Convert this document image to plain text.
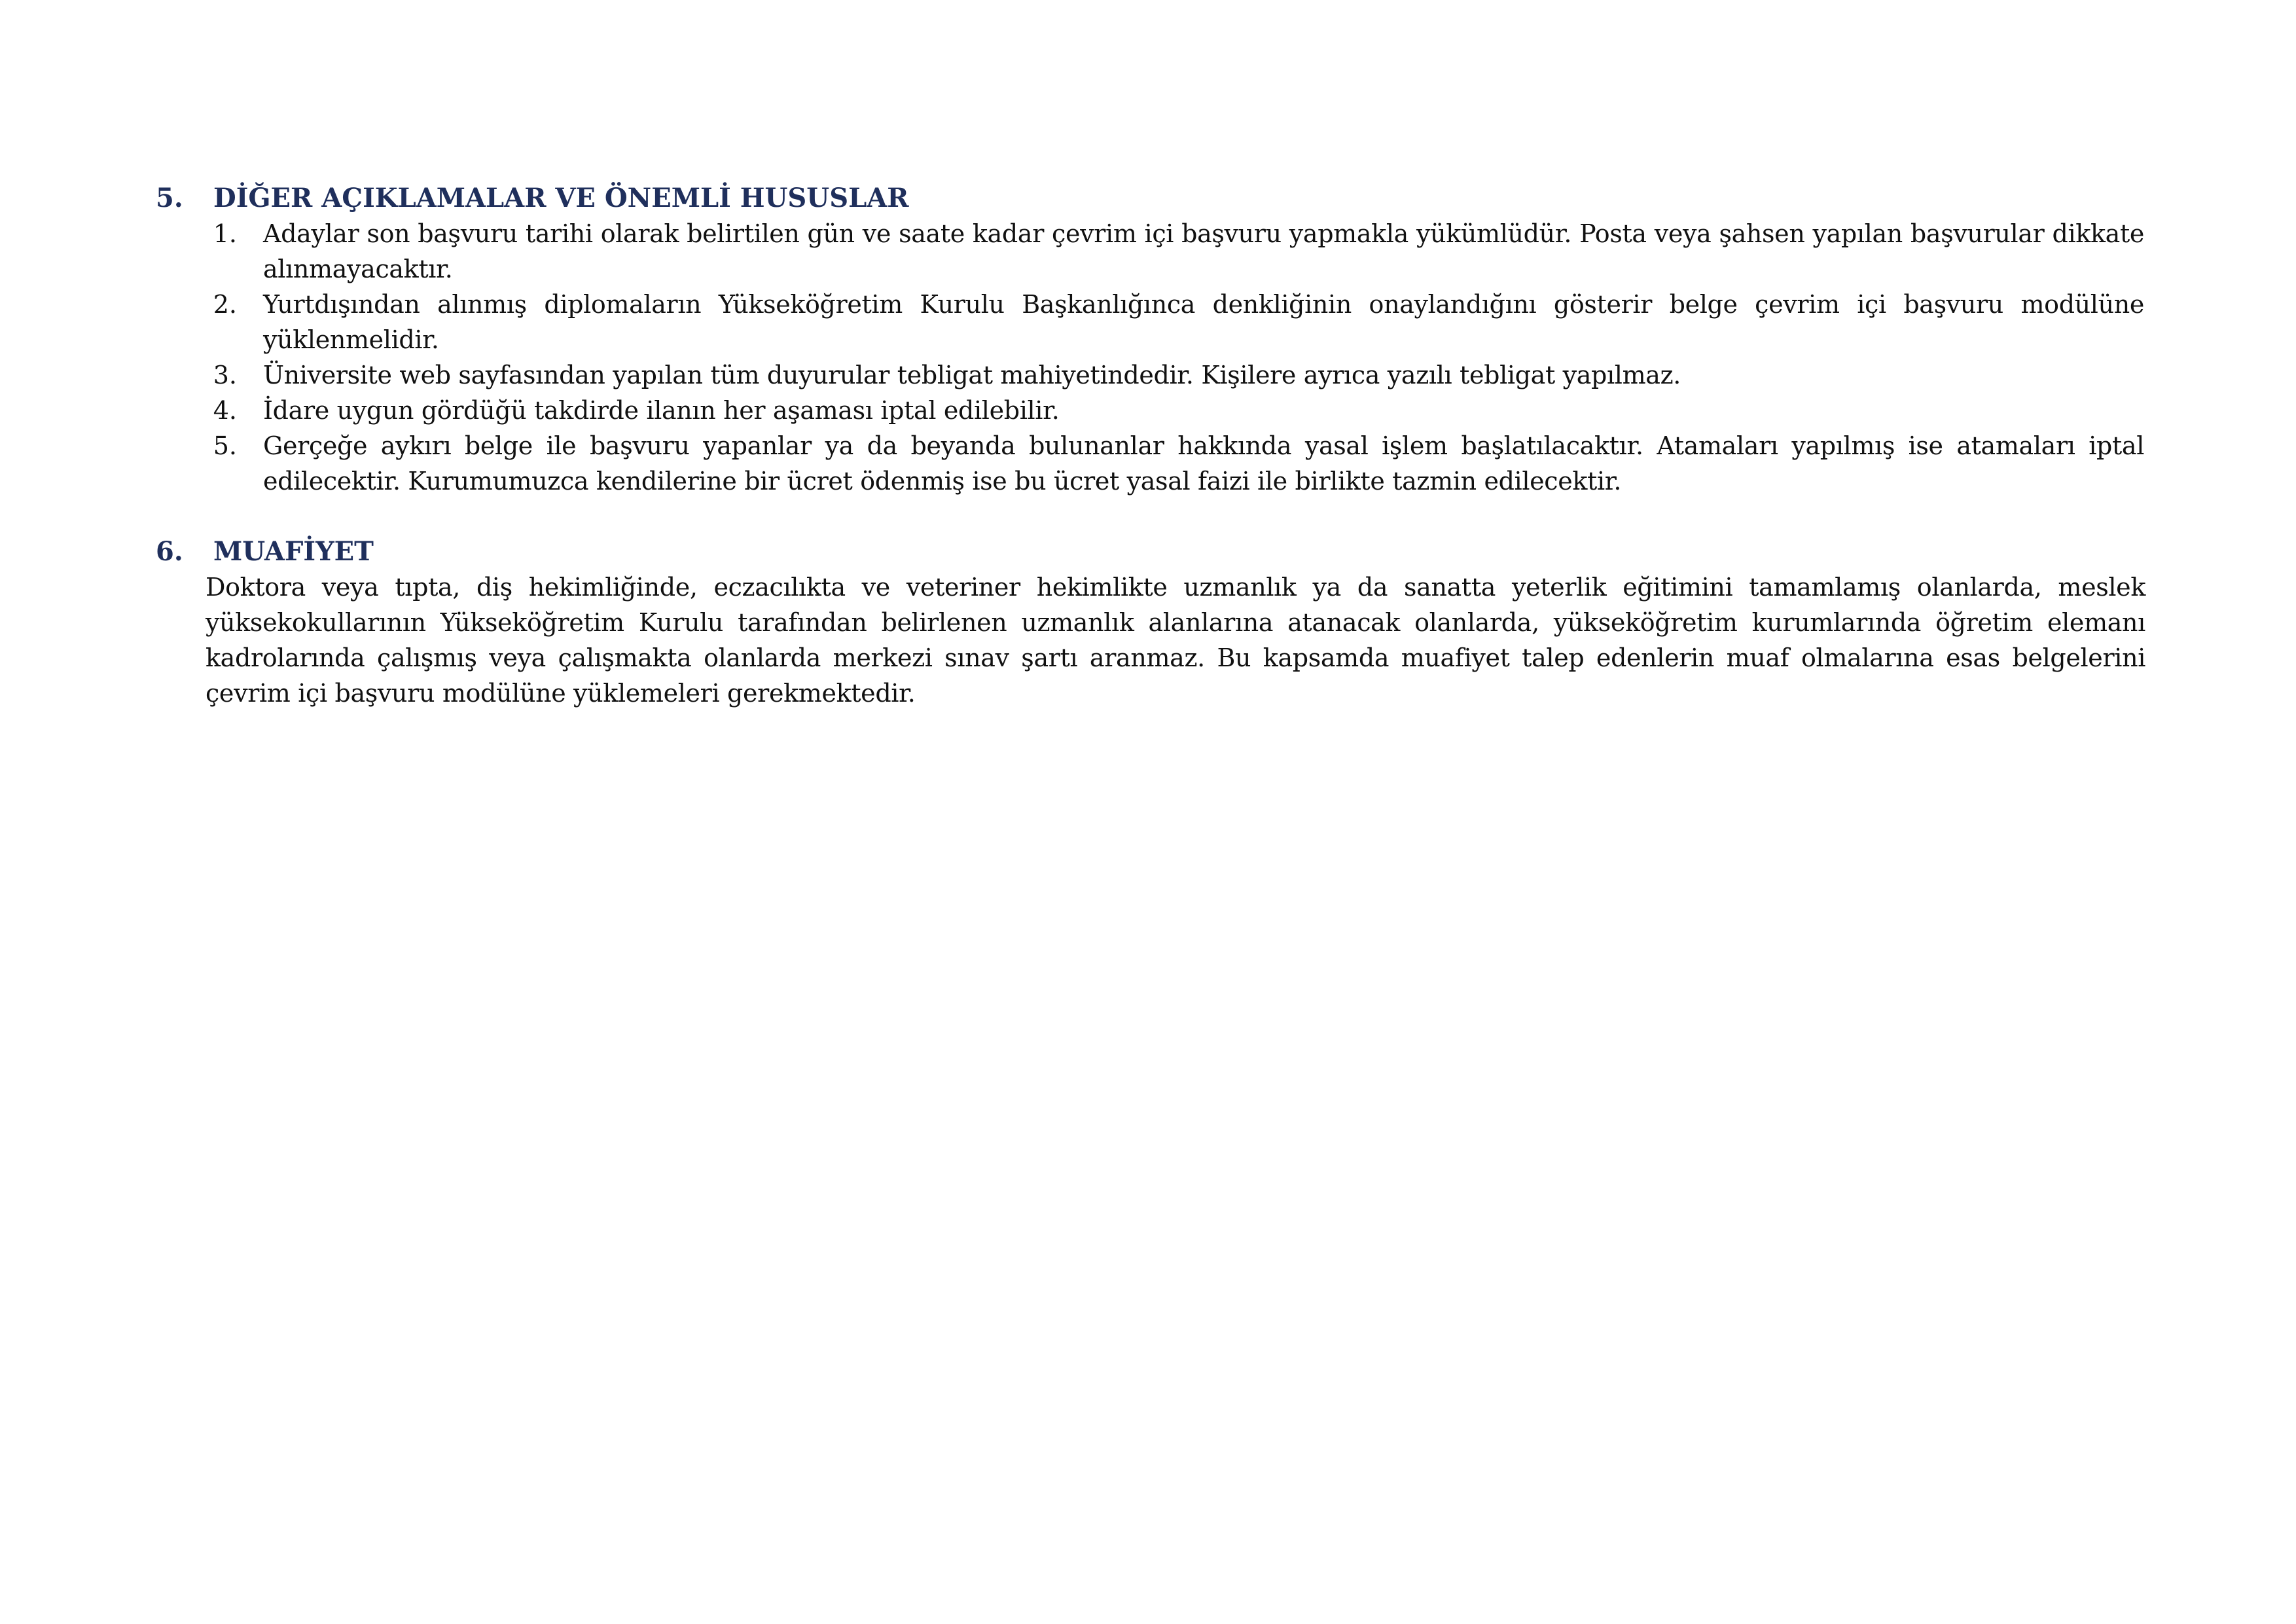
5.	DİĞER AÇIKLAMALAR VE ÖNEMLİ HUSUSLAR
1.	Adaylar son başvuru tarihi olarak belirtilen gün ve saate kadar çevrim içi başvuru yapmakla yükümlüdür. Posta veya şahsen yapılan başvurular dikkate alınmayacaktır.
2.	Yurtdışından alınmış diplomaların Yükseköğretim Kurulu Başkanlığınca denkliğinin onaylandığını gösterir belge çevrim içi başvuru modülüne yüklenmelidir.
3.	Üniversite web sayfasından yapılan tüm duyurular tebligat mahiyetindedir. Kişilere ayrıca yazılı tebligat yapılmaz.
4.	İdare uygun gördüğü takdirde ilanın her aşaması iptal edilebilir.
5.	Gerçeğe aykırı belge ile başvuru yapanlar ya da beyanda bulunanlar hakkında yasal işlem başlatılacaktır. Atamaları yapılmış ise atamaları iptal edilecektir. Kurumumuzca kendilerine bir ücret ödenmiş ise bu ücret yasal faizi ile birlikte tazmin edilecektir.
6.	MUAFİYET

Doktora veya tıpta, diş hekimliğinde, eczacılıkta ve veteriner hekimlikte uzmanlık ya da sanatta yeterlik eğitimini tamamlamış olanlarda, meslek yüksekokullarının Yükseköğretim Kurulu tarafından belirlenen uzmanlık alanlarına atanacak olanlarda, yükseköğretim kurumlarında öğretim elemanı kadrolarında çalışmış veya çalışmakta olanlarda merkezi sınav şartı aranmaz. Bu kapsamda muafiyet talep edenlerin muaf olmalarına esas belgelerini çevrim içi başvuru modülüne yüklemeleri gerekmektedir.
